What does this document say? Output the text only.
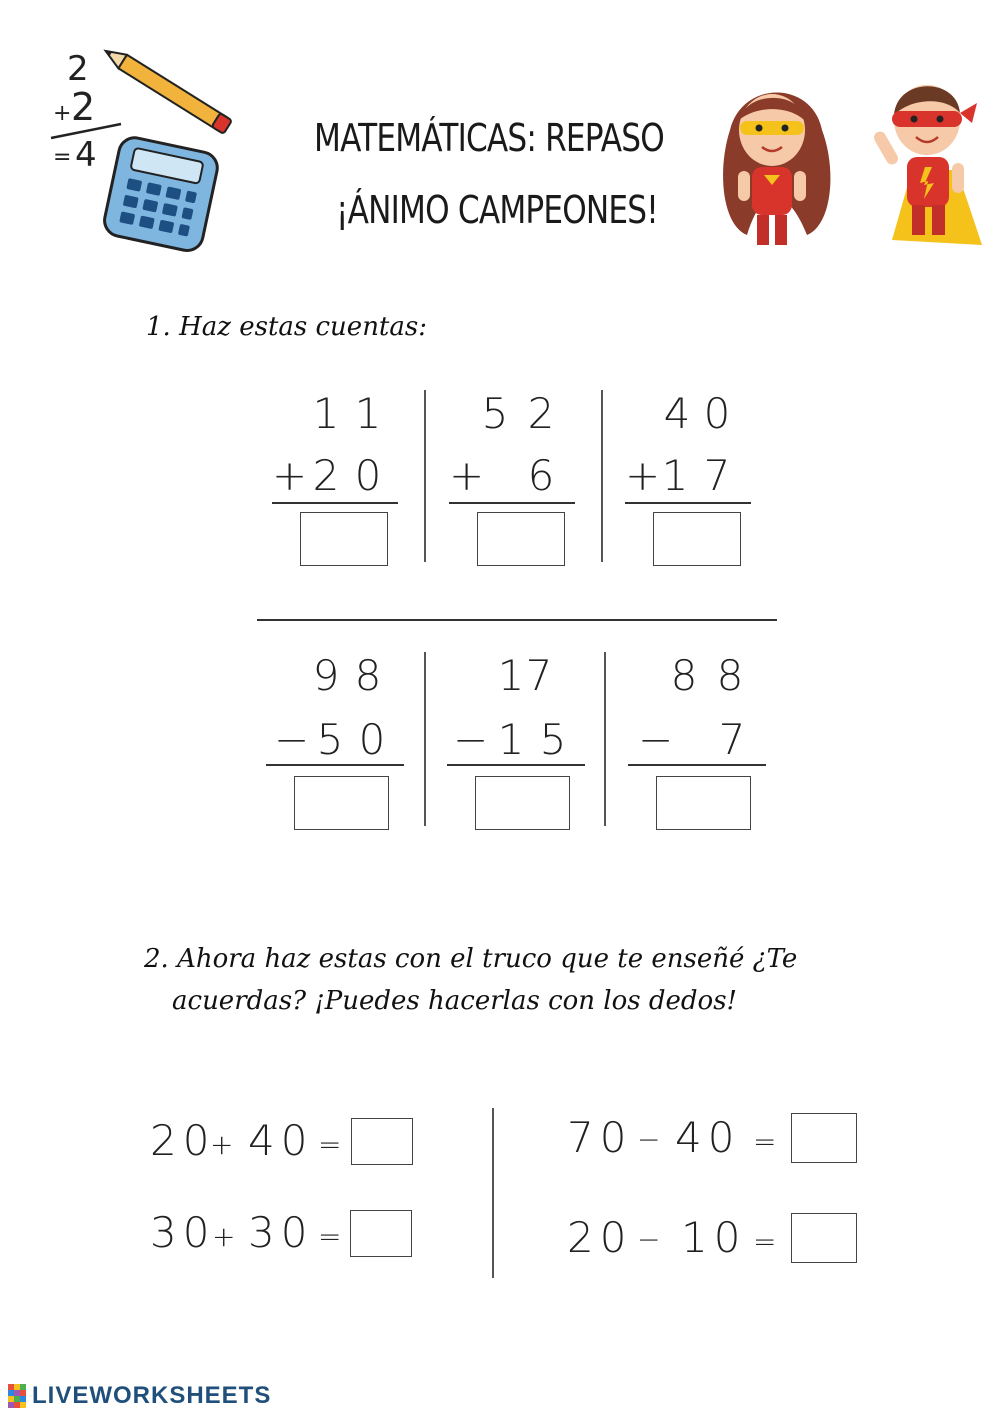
2
+ 2
= 4	MATEMÁTICAS: REPASO
¡ÁNIMO CAMPEONES!
1. Haz estas cuentas:
1 1
+ 2 0
5 2
+ 6
4 0
+ 1 7
9 8
− 5 0
1 7
− 1 5
8 8
− 7
2. Ahora haz estas con el truco que te enseñé ¿Te
acuerdas? ¡Puedes hacerlas con los dedos!
20
+ 40 =
30
+ 30 =
70 − 40 =
20 − 10 =
LIVEWORKSHEETS
